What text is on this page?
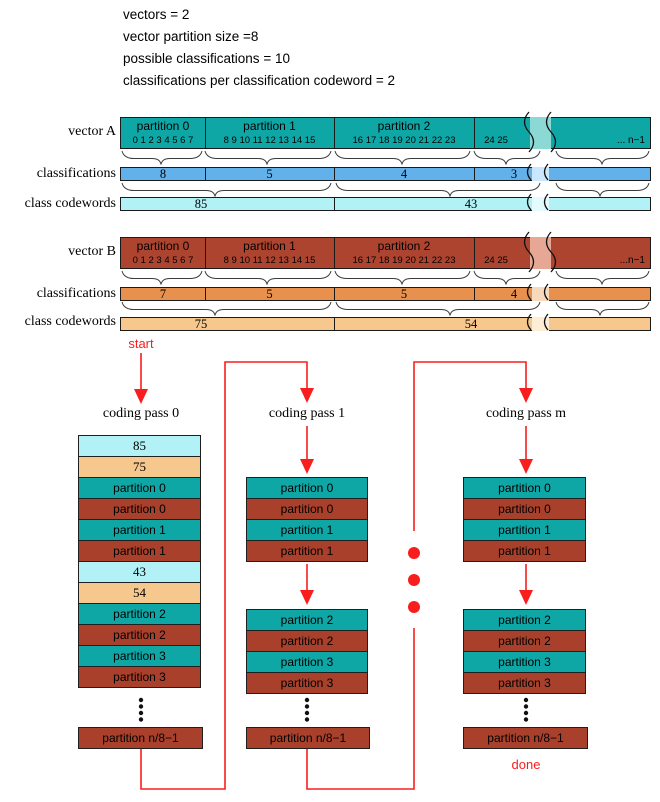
vectors = 2
vector partition size =8
possible classifications = 10
classifications per classification codeword = 2
vector A	partition 0	partition 1	partition 2
0 1 2 3 4 5 6 7	8 9 10 11 12 13 14 15	16 17 18 19 20 21 22 23	24 25	... n−1
classifications	8	5	4	3
class codewords	85	43
vector B	partition 0	partition 1	partition 2
0 1 2 3 4 5 6 7	8 9 10 11 12 13 14 15	16 17 18 19 20 21 22 23	24 25	...n−1
classifications	7	5	5	4
class codewords	75	54
start
done
coding pass 0	coding pass 1	coding pass m
85
75
partition 0
partition 0
partition 1
partition 1
43
54
partition 2
partition 2
partition 3
partition 3
partition n/8−1
partition 0
partition 0
partition 1
partition 1
partition 2
partition 2
partition 3
partition 3
partition n/8−1
partition 0
partition 0
partition 1
partition 1
partition 2
partition 2
partition 3
partition 3
partition n/8−1
